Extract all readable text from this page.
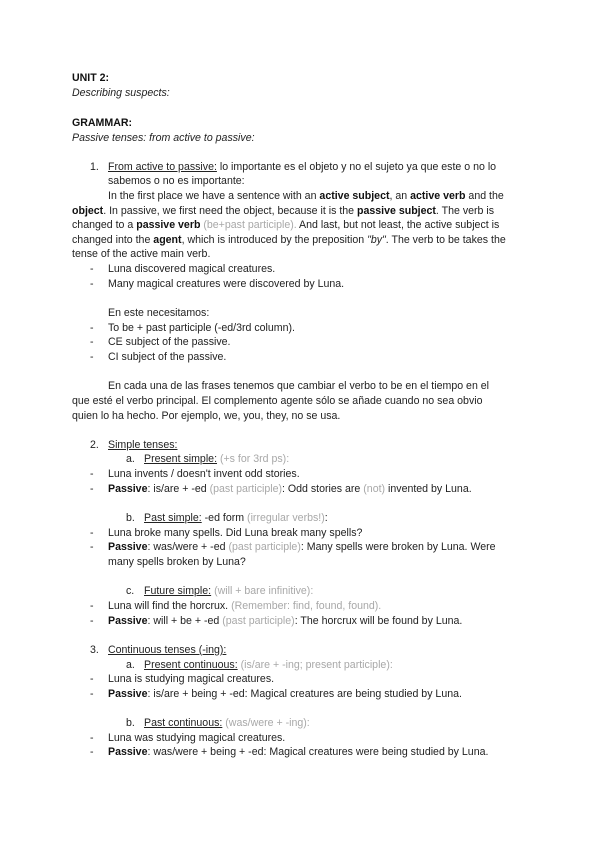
UNIT 2:
Describing suspects:
GRAMMAR:
Passive tenses: from active to passive:
1. From active to passive: lo importante es el objeto y no el sujeto ya que este o no lo
sabemos o no es importante:
In the first place we have a sentence with an active subject, an active verb and the
object. In passive, we first need the object, because it is the passive subject. The verb is
changed to a passive verb (be+past participle). And last, but not least, the active subject is
changed into the agent, which is introduced by the preposition "by". The verb to be takes the
tense of the active main verb.
- Luna discovered magical creatures.
- Many magical creatures were discovered by Luna.
En este necesitamos:
- To be + past participle (-ed/3rd column).
- CE subject of the passive.
- CI subject of the passive.
En cada una de las frases tenemos que cambiar el verbo to be en el tiempo en el
que esté el verbo principal. El complemento agente sólo se añade cuando no sea obvio
quien lo ha hecho. Por ejemplo, we, you, they, no se usa.
2. Simple tenses:
a. Present simple: (+s for 3rd ps):
- Luna invents / doesn't invent odd stories.
- Passive: is/are + -ed (past participle): Odd stories are (not) invented by Luna.
b. Past simple: -ed form (irregular verbs!):
- Luna broke many spells. Did Luna break many spells?
- Passive: was/were + -ed (past participle): Many spells were broken by Luna. Were
many spells broken by Luna?
c. Future simple: (will + bare infinitive):
- Luna will find the horcrux. (Remember: find, found, found).
- Passive: will + be + -ed (past participle): The horcrux will be found by Luna.
3. Continuous tenses (-ing):
a. Present continuous: (is/are + -ing; present participle):
- Luna is studying magical creatures.
- Passive: is/are + being + -ed: Magical creatures are being studied by Luna.
b. Past continuous: (was/were + -ing):
- Luna was studying magical creatures.
- Passive: was/were + being + -ed: Magical creatures were being studied by Luna.
